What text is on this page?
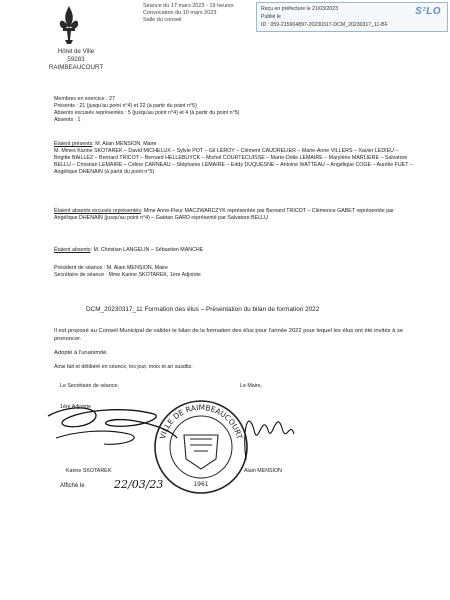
Hôtel de Ville
59283 RAIMBEAUCOURT
Séance du 17 mars 2023 - 19 heures
Convocation du 10 mars 2023
Salle du conseil
Reçu en préfecture le 21/03/2023
Publié le
ID : 059-215904897-20230317-DCM_20230317_11-BF
S²LO
Membres en exercice : 27
Présents : 21 (jusqu'au point n°4) et 22 (à partir du point n°5)
Absents excusés représentés : 5 (jusqu'au point n°4) et 4 (à partir du point n°5)
Absents : 1
Étaient présents: M. Alain MENSION, Maire
M. Mmes Karine SKOTAREK – David MICHELUX – Sylvie POT – Gil LEROY – Clément CAUDRELIER – Marie-Anne VILLERS – Xavier LEDIEU – Brigitte BAILLEZ – Bernard TRICOT – Bernard HELLEBUYCK – Michel COURTECUISSE – Marie-Odile LEMAIRE – Marylène MARLIERE – Salvatore BELLU – Christian LEMAIRE – Céline CARNEAU – Stéphanie LEMAIRE – Eddy DUQUESNE – Antoine WATTEAU – Angélique COGE – Aurélie FUET – Angélique DHENAIN (à partir du point n°5)
Étaient absents excusés représentés: Mme Anne-Fleur MACZWARCZYK représentée par Bernard TRICOT – Clémence GABET représentée par Angélique DHENAIN (jusqu'au point n°4) – Gaëtan GARD représenté par Salvatore BELLU
Étaient absents: M. Christian LANGELIN – Sébastien MANCHE
Président de séance : M. Alain MENSION, Maire
Secrétaire de séance : Mme Karine SKOTAREK, 1ère Adjointe
DCM_20230317_11 Formation des élus – Présentation du bilan de formation 2022
Il est proposé au Conseil Municipal de valider le bilan de la formation des élus pour l'année 2022 pour lequel les élus ont été invités à se prononcer.
Adopté à l'unanimité.
Ainsi fait et délibéré en séance, les jour, mois et an susdits.
Le Secrétaire de séance,
1ère Adjointe
Karine SKOTAREK
VILLE DE RAIMBEAUCOURT
1961
Le Maire,
Alain MENSION
Affiché le	22/03/23
